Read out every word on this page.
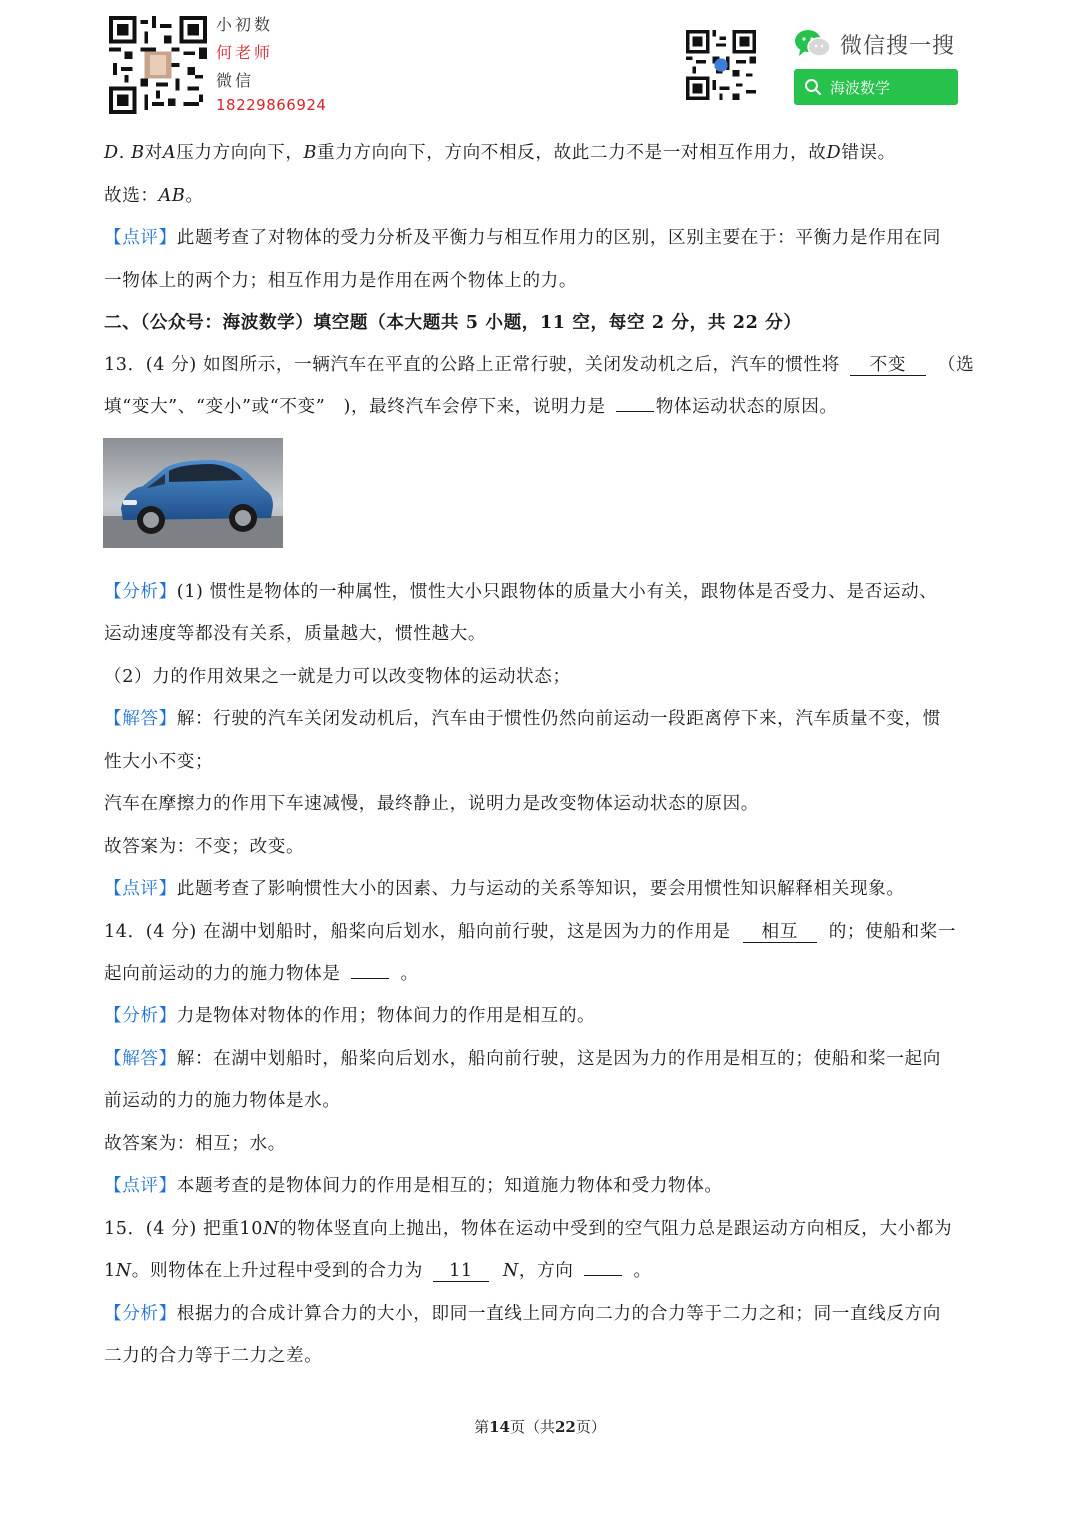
小初数
何老师
微信
18229866924
微信搜一搜
海波数学
D. B对A压力方向向下，B重力方向向下，方向不相反，故此二力不是一对相互作用力，故D错误。
故选：AB。
【点评】此题考查了对物体的受力分析及平衡力与相互作用力的区别，区别主要在于：平衡力是作用在同
一物体上的两个力；相互作用力是作用在两个物体上的力。
二、（公众号：海波数学）填空题（本大题共 5 小题，11 空，每空 2 分，共 22 分）
13．(4 分) 如图所示，一辆汽车在平直的公路上正常行驶，关闭发动机之后，汽车的惯性将 不变 （选
填“变大”、“变小”或“不变”　)，最终汽车会停下来，说明力是	物体运动状态的原因。
【分析】(1) 惯性是物体的一种属性，惯性大小只跟物体的质量大小有关，跟物体是否受力、是否运动、
运动速度等都没有关系，质量越大，惯性越大。
（2）力的作用效果之一就是力可以改变物体的运动状态；
【解答】解：行驶的汽车关闭发动机后，汽车由于惯性仍然向前运动一段距离停下来，汽车质量不变，惯
性大小不变；
汽车在摩擦力的作用下车速减慢，最终静止，说明力是改变物体运动状态的原因。
故答案为：不变；改变。
【点评】此题考查了影响惯性大小的因素、力与运动的关系等知识，要会用惯性知识解释相关现象。
14．(4 分) 在湖中划船时，船桨向后划水，船向前行驶，这是因为力的作用是 相互 的；使船和桨一
起向前运动的力的施力物体是	。
【分析】力是物体对物体的作用；物体间力的作用是相互的。
【解答】解：在湖中划船时，船桨向后划水，船向前行驶，这是因为力的作用是相互的；使船和桨一起向
前运动的力的施力物体是水。
故答案为：相互；水。
【点评】本题考查的是物体间力的作用是相互的；知道施力物体和受力物体。
15．(4 分) 把重10N的物体竖直向上抛出，物体在运动中受到的空气阻力总是跟运动方向相反，大小都为
1N。则物体在上升过程中受到的合力为 11 N，方向	。
【分析】根据力的合成计算合力的大小，即同一直线上同方向二力的合力等于二力之和；同一直线反方向
二力的合力等于二力之差。
第14页（共22页）
